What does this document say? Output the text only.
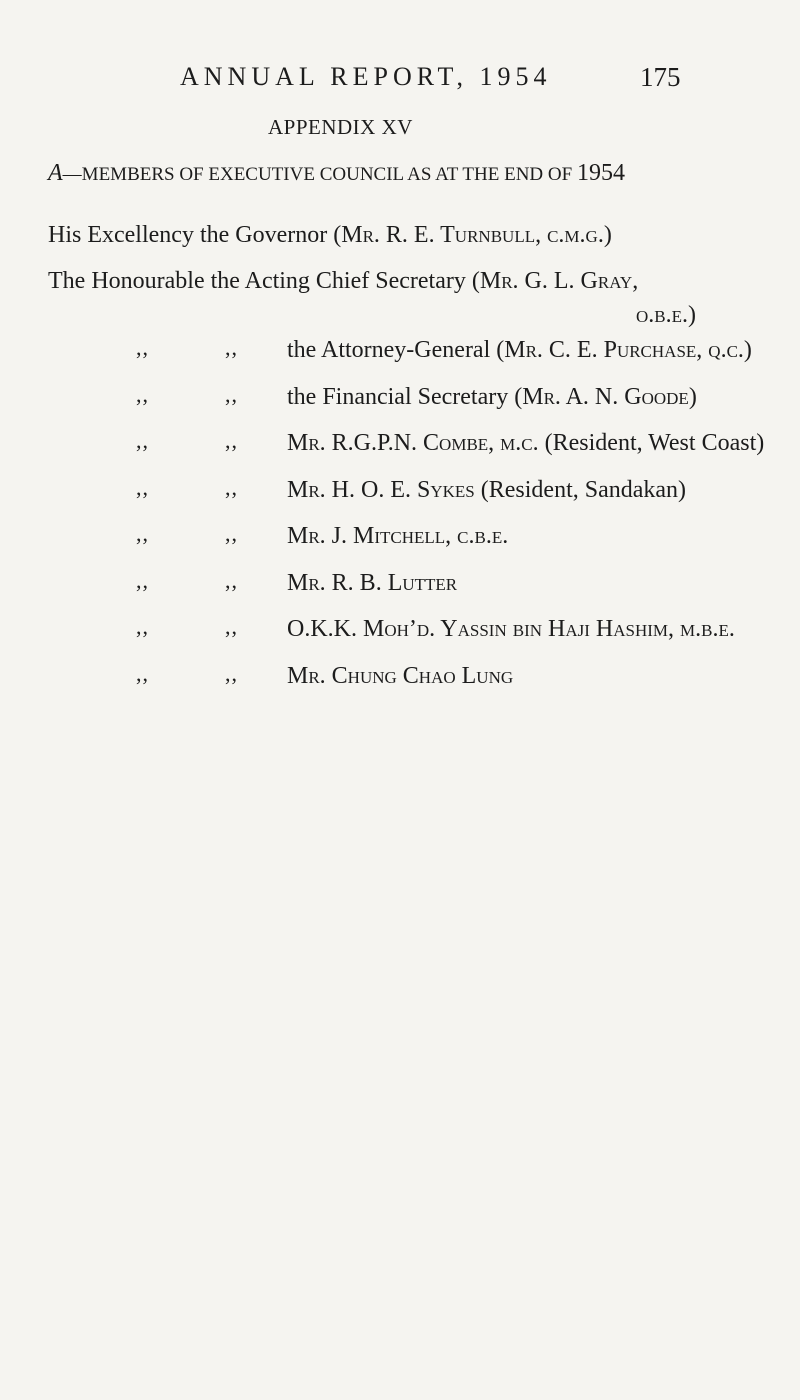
ANNUAL REPORT, 1954	175
APPENDIX XV
A—MEMBERS OF EXECUTIVE COUNCIL AS AT THE END OF 1954
His Excellency the Governor (Mr. R. E. Turnbull, c.m.g.)
The Honourable the Acting Chief Secretary (Mr. G. L. Gray,
o.b.e.)
,,	,, the Attorney-General (Mr. C. E. Purchase, q.c.)
,,	,, the Financial Secretary (Mr. A. N. Goode)
,,	,, Mr. R.G.P.N. Combe, m.c. (Resident, West Coast)
,,	,, Mr. H. O. E. Sykes (Resident, Sandakan)
,,	,, Mr. J. Mitchell, c.b.e.
,,	,, Mr. R. B. Lutter
,,	,, O.K.K. Moh’d. Yassin bin Haji Hashim, m.b.e.
,,	,, Mr. Chung Chao Lung
